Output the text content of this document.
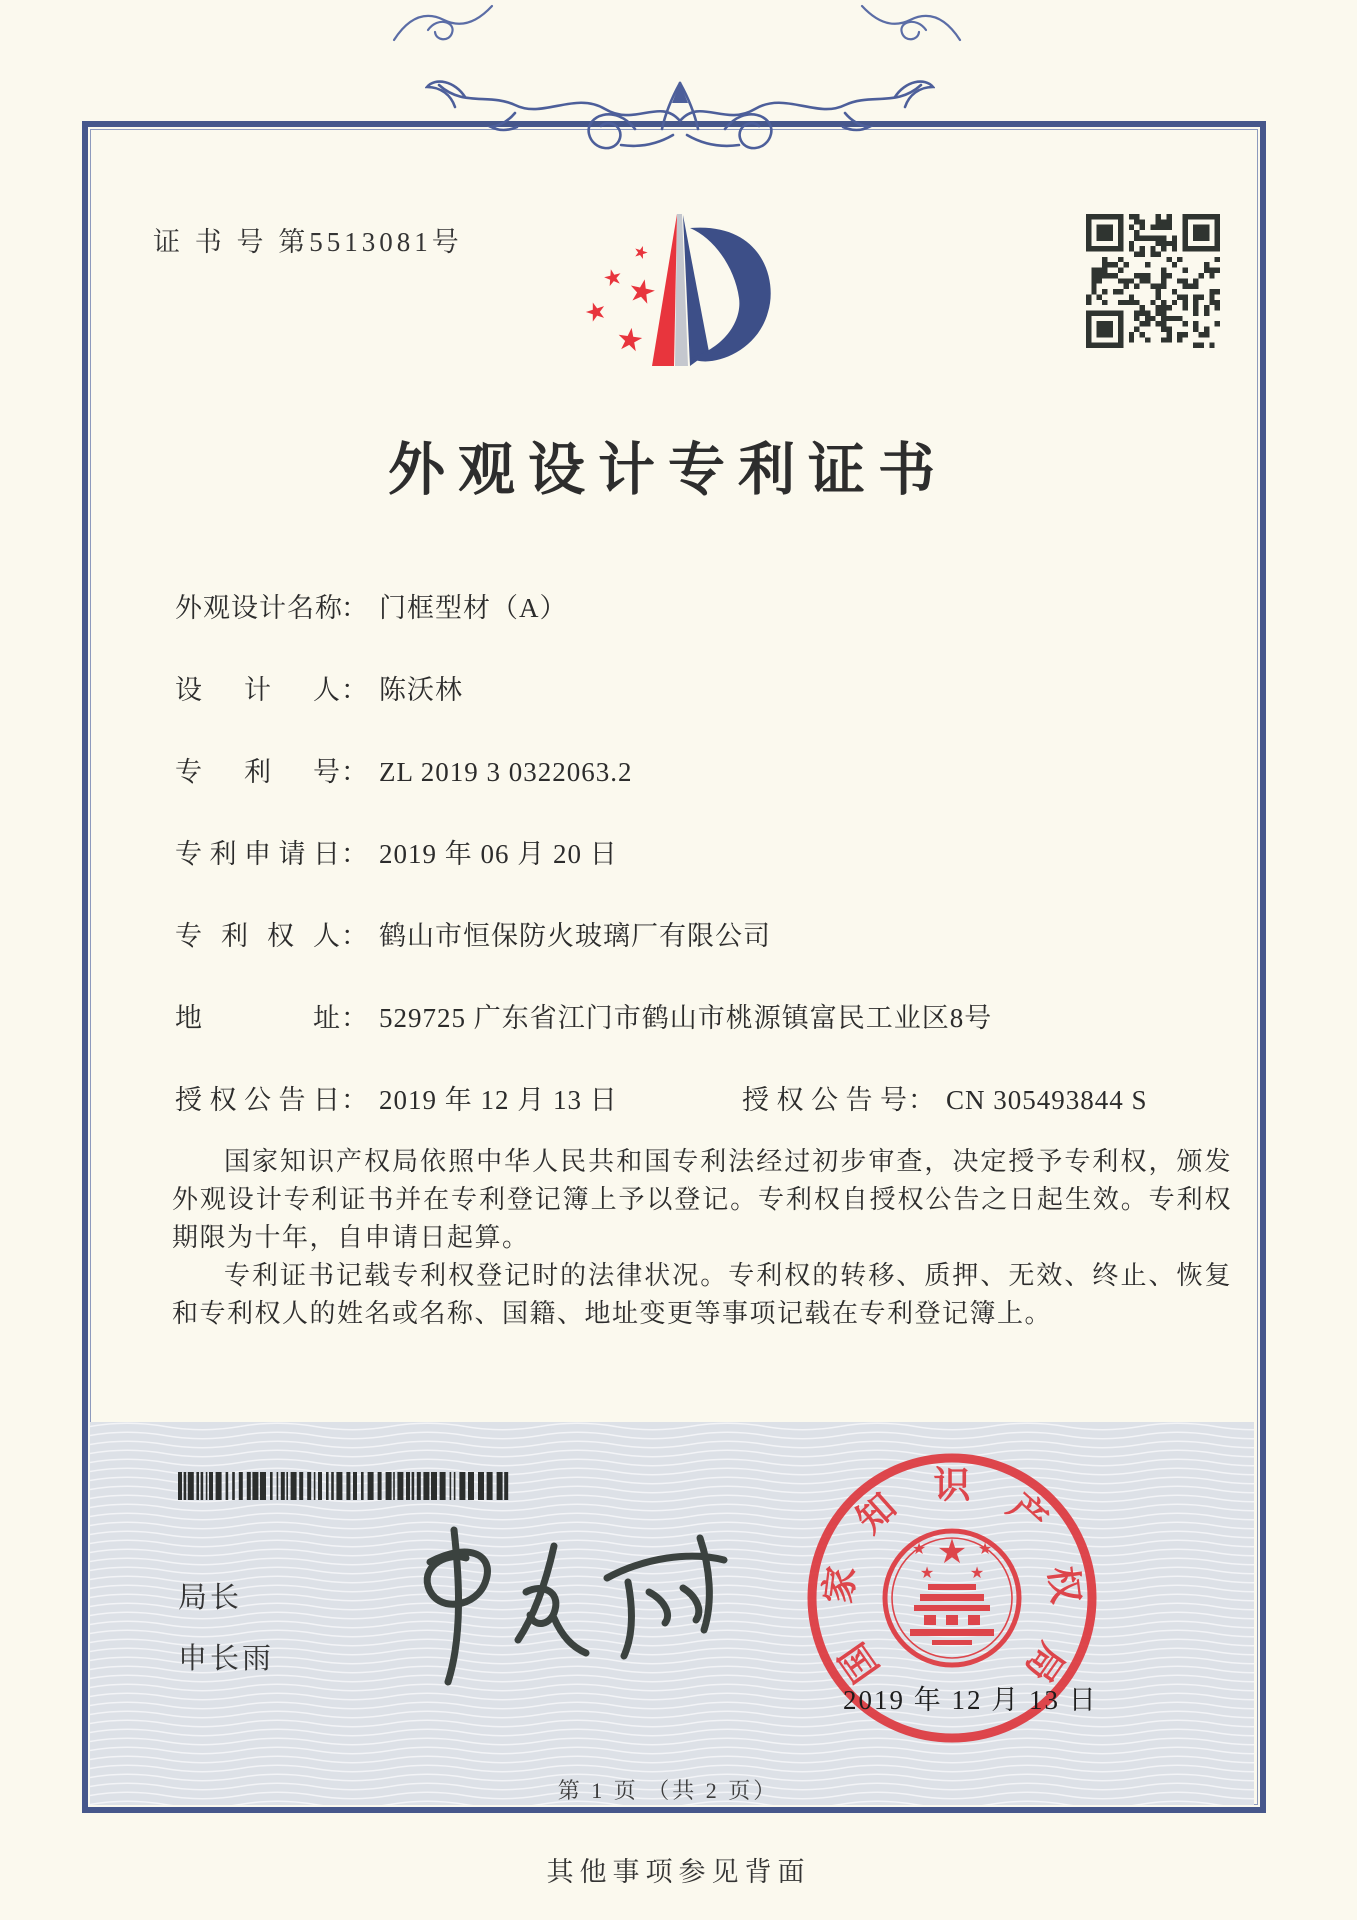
证 书 号 第5513081号	★
★
★
★
★
外观设计专利证书
外观设计名称： 门框型材（A）
设计人： 陈沃林
专利号： ZL 2019 3 0322063.2
专利申请日： 2019 年 06 月 20 日
专利权人： 鹤山市恒保防火玻璃厂有限公司
地址： 529725 广东省江门市鹤山市桃源镇富民工业区8号
授权公告日： 2019 年 12 月 13 日	授权公告号： CN 305493844 S

国家知识产权局依照中华人民共和国专利法经过初步审查，决定授予专利权，颁发外观设计专利证书并在专利登记簿上予以登记。专利权自授权公告之日起生效。专利权期限为十年，自申请日起算。

专利证书记载专利权登记时的法律状况。专利权的转移、质押、无效、终止、恢复和专利权人的姓名或名称、国籍、地址变更等事项记载在专利登记簿上。

局长
申长雨	国
家
知
识
产
权
局
★
★	★
★ ★
2019 年 12 月 13 日
第 1 页 （共 2 页）
其他事项参见背面
